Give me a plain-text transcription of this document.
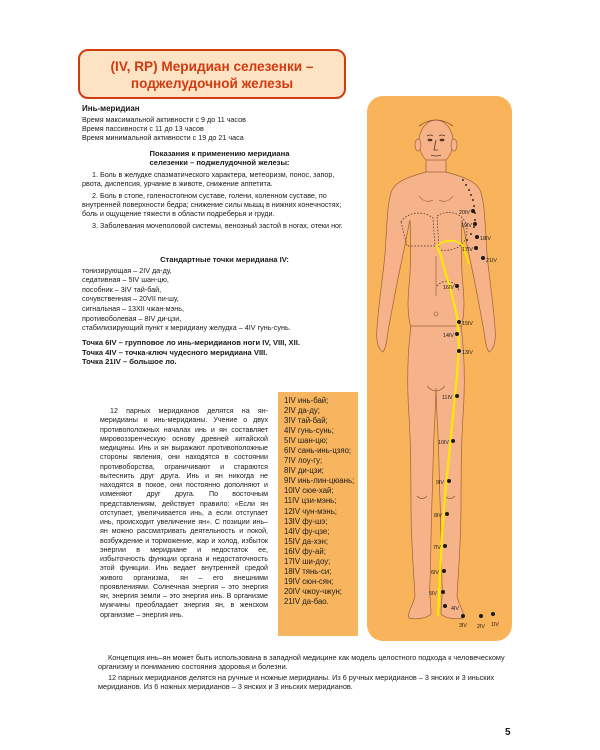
(IV, RP) Меридиан селезенки –
поджелудочной железы
Инь-меридиан
Время максимальной активности с 9 до 11 часов
Время пассивности с 11 до 13 часов
Время минимальной активности с 19 до 21 часа
Показания к применению меридиана
селезенки – поджелудочной железы:

1. Боль в желудке спазматического характера, метеоризм, понос, запор, рвота, диспепсия, урчание в животе, снижение аппетита.

2. Боль в стопе, голеностопном суставе, голени, коленном суставе, по внутренней поверхности бедра; снижение силы мышц в нижних конечностях; боль и ощущение тяжести в области подреберья и груди.

3. Заболевания мочеполовой системы, венозный застой в ногах, отеки ног.

Стандартные точки меридиана IV:
тонизирующая – 2IV да-ду,
седативная – 5IV шан-цю,
пособник – 3IV тай-бай,
сочувственная – 20VII пи-шу,
сигнальная – 13XII чжан-мэнь,
противоболевая – 8IV ди-цзи,
стабилизирующий пункт к меридиану желудка – 4IV гунь-сунь.
Точка 6IV – групповое ло инь-меридианов ноги IV, VIII, XII.
Точка 4IV – точка-ключ чудесного меридиана VIII.
Точка 21IV – большое ло.

12 парных меридианов делятся на ян-меридианы и инь-меридианы. Учение о двух противоположных началах инь и ян составляет мировоззренческую основу древней китайской медицины. Инь и ян выражают противоположные стороны явления, они находятся в состоянии противоборства, ограничивают и стараются вытеснить друг друга. Инь и ян никогда не находятся в покое, они постоянно дополняют и изменяют друг друга. По восточным представлениям, действует правило: «Если ян отступает, увеличивается инь, а если отступает инь, происходит увеличение ян». С позиции инь–ян можно рассматривать деятельность и покой, возбуждение и торможение, жар и холод, избыток энергии в меридиане и недостаток ее, избыточность функции органа и недостаточность этой функции. Инь ведает внутренней средой живого организма, ян – его внешними проявлениями. Солнечная энергия – это энергия ян, энергия земли – это энергия инь. В организме мужчины преобладает энергия ян, в женском организме – энергия инь.

1IV инь-бай;
2IV да-ду;
3IV тай-бай;
4IV гунь-сунь;
5IV шан-цю;
6IV сань-инь-цзяо;
7IV лоу-гу;
8IV ди-цзи;
9IV инь-лин-цюань;
10IV сюе-хай;
11IV цзи-мэнь;
12IV чун-мэнь;
13IV фу-шэ;
14IV фу-цзе;
15IV да-хэн;
16IV фу-ай;
17IV ши-доу;
18IV тянь-си;
19IV сюн-сян;
20IV чжоу-чжун;
21IV да-бао.
20IV
19IV
18IV
17IV
21IV
16IV
15IV
14IV
13IV
11IV
10IV
9IV
8IV
7IV
6IV
5IV
4IV
3IV 2IV 1IV

Концепция инь–ян может быть использована в западной медицине как модель целостного подхода к человеческому организму и пониманию состояния здоровья и болезни.

12 парных меридианов делятся на ручные и ножные меридианы. Из 6 ручных меридианов – 3 янских и 3 иньских меридианов. Из 6 ножных меридианов – 3 янских и 3 иньских меридианов.

5
